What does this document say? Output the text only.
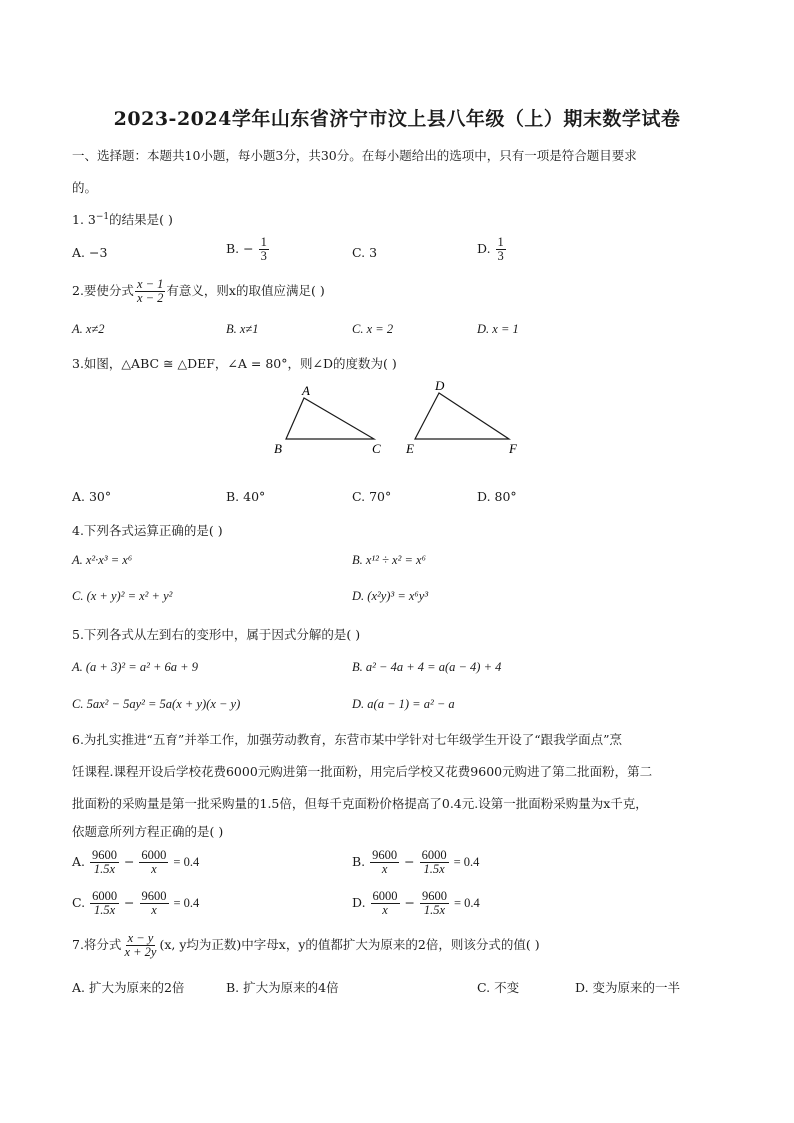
2023-2024学年山东省济宁市汶上县八年级（上）期末数学试卷
一、选择题：本题共10小题，每小题3分，共30分。在每小题给出的选项中，只有一项是符合题目要求
的。
1. $3^{-1}$的结果是( )
A. −3	B. − $\frac{1}{3}$	C. 3	D. $\frac{1}{3}$
2.要使分式 $\frac{x - 1}{x - 2}$ 有意义，则x的取值应满足( )
A. x≠2	B. x≠1	C. x = 2	D. x = 1
3.如图，△ABC ≅ △DEF，∠A = 80°，则∠D的度数为( )
A
B	C
D
E	F
A. 30°	B. 40°	C. 70°	D. 80°
4.下列各式运算正确的是( )
A. x²·x³ = x⁶	B. x¹² ÷ x² = x⁶
C. (x + y)² = x² + y²	D. (x²y)³ = x⁶y³
5.下列各式从左到右的变形中，属于因式分解的是( )
A. (a + 3)² = a² + 6a + 9	B. a² − 4a + 4 = a(a − 4) + 4
C. 5ax² − 5ay² = 5a(x + y)(x − y)	D. a(a − 1) = a² − a
6.为扎实推进“五育”并举工作，加强劳动教育，东营市某中学针对七年级学生开设了“跟我学面点”烹
饪课程.课程开设后学校花费6000元购进第一批面粉，用完后学校又花费9600元购进了第二批面粉，第二
批面粉的采购量是第一批采购量的1.5倍，但每千克面粉价格提高了0.4元.设第一批面粉采购量为x千克，
依题意所列方程正确的是( )
A. $\frac{9600}{1.5x} - \frac{6000}{x} = 0.4$	B. $\frac{9600}{x} - \frac{6000}{1.5x} = 0.4$
C. $\frac{6000}{1.5x} - \frac{9600}{x} = 0.4$	D. $\frac{6000}{x} - \frac{9600}{1.5x} = 0.4$
7.将分式 $\frac{x - y}{x + 2y} (x$, y均为正数)中字母x，y的值都扩大为原来的2倍，则该分式的值( )
A. 扩大为原来的2倍	B. 扩大为原来的4倍	C. 不变	D. 变为原来的一半
